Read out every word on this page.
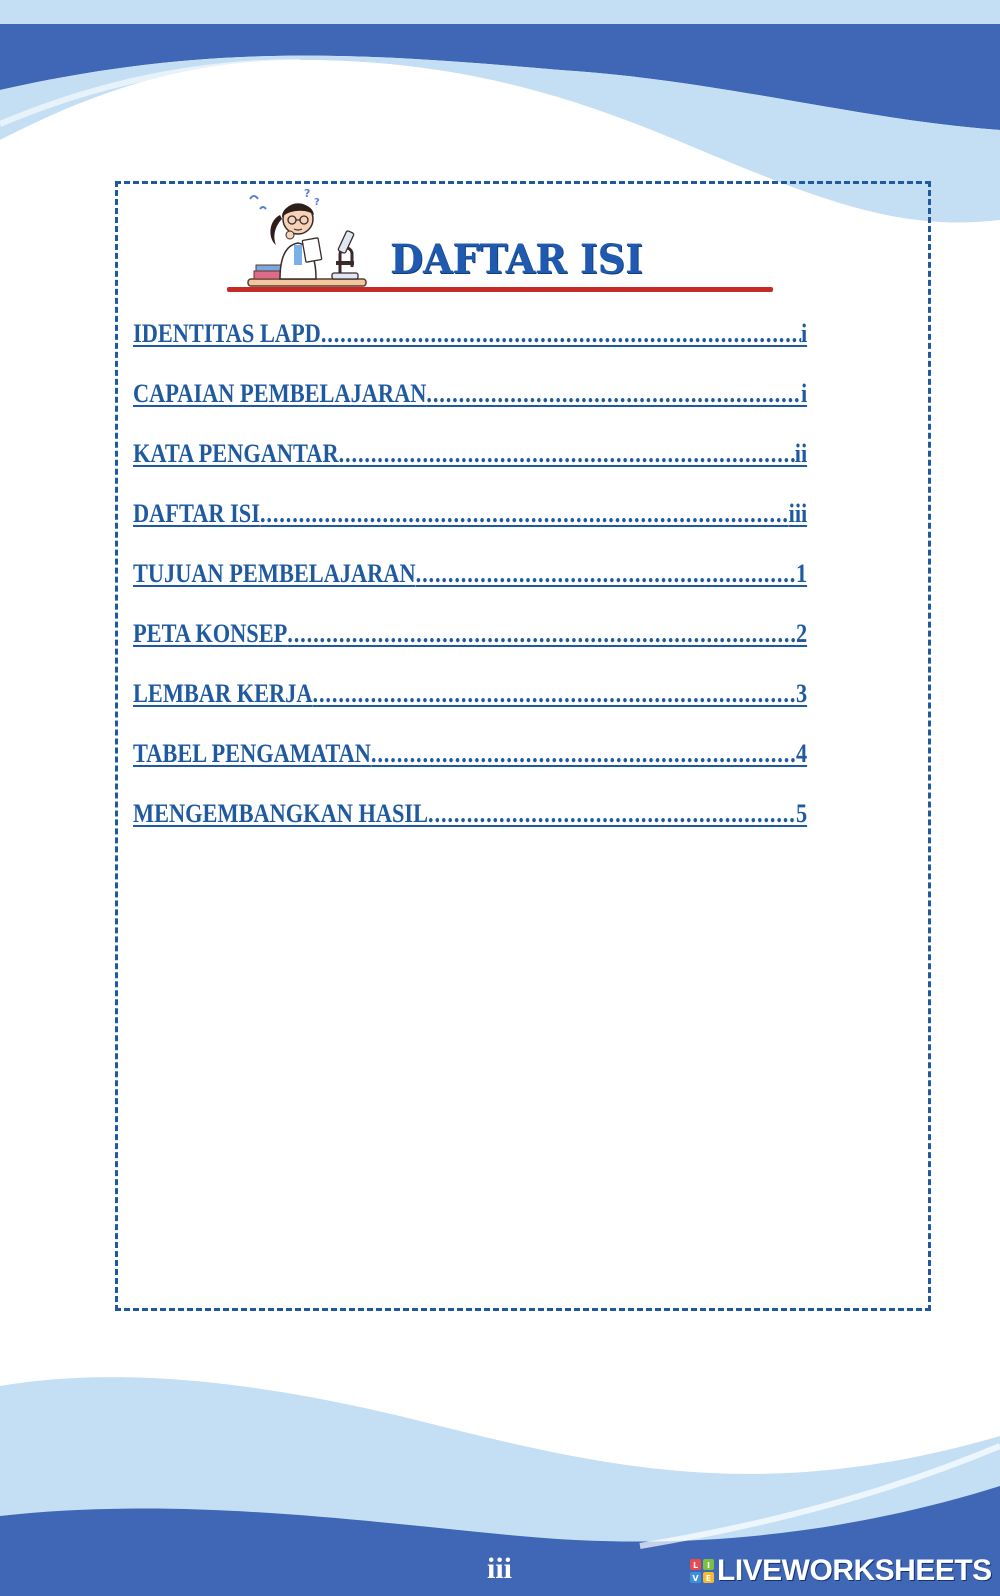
?
?
DAFTAR ISI
IDENTITAS LAPD .....	i
CAPAIAN PEMBELAJARAN .....	i
KATA PENGANTAR .....	ii
DAFTAR ISI .....	iii
TUJUAN PEMBELAJARAN .....	1
PETA KONSEP .....	2
LEMBAR KERJA .....	3
TABEL PENGAMATAN .....	4
MENGEMBANGKAN HASIL .....	5
iii	L I
V E LIVEWORKSHEETS
